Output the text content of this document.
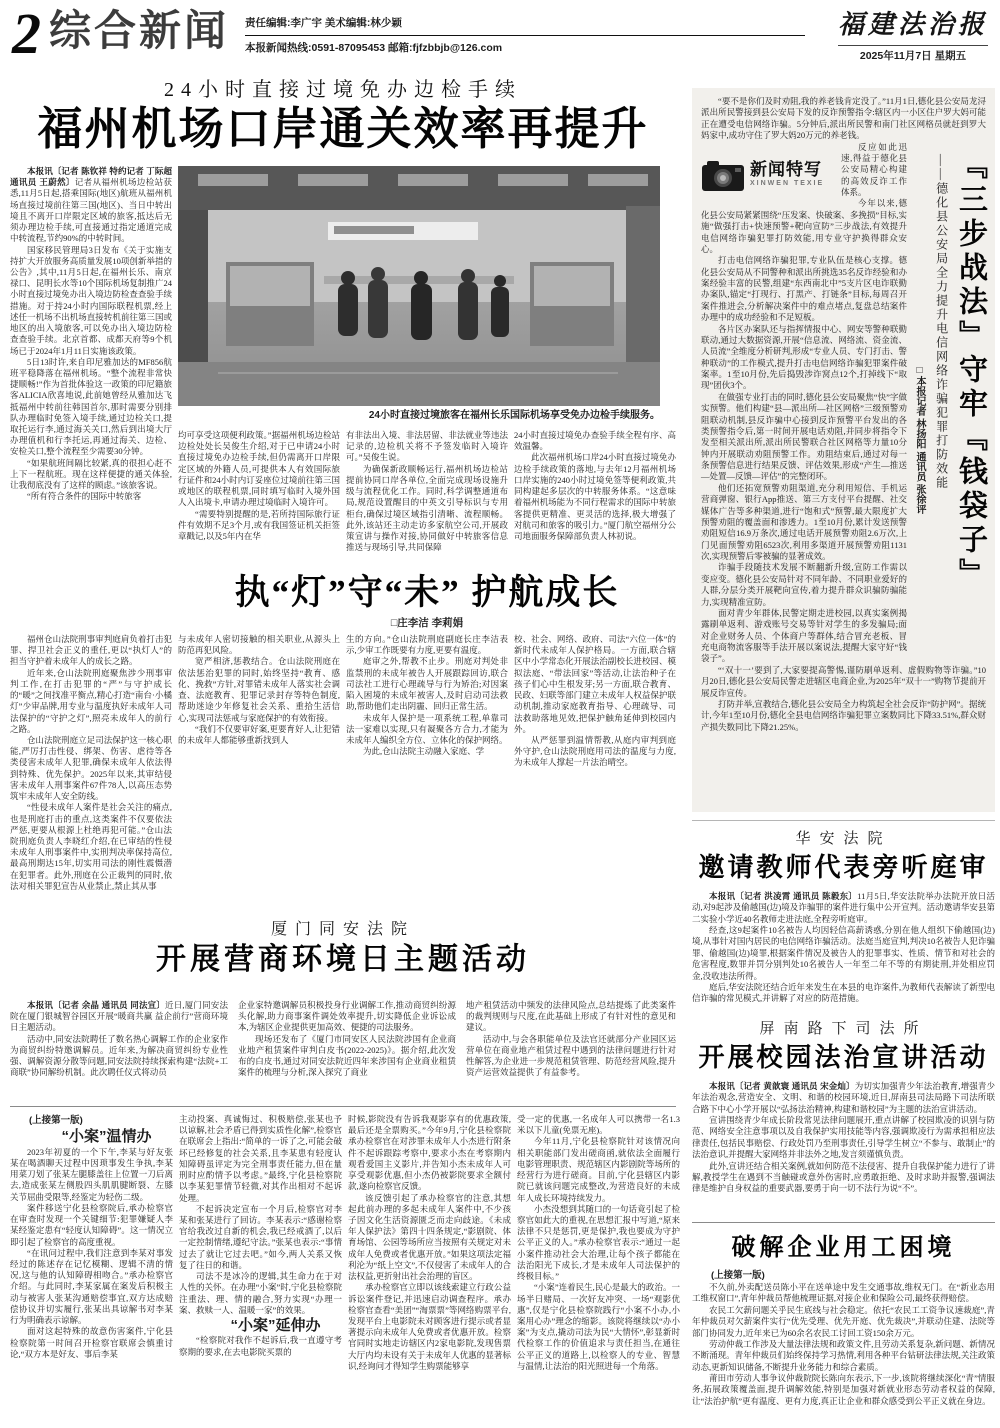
2 综合新闻 责任编辑:李广宇 美术编辑:林少颖
本报新闻热线:0591-87095453 邮箱:fjfzbbjb@126.com
福建法治报
2025年11月7日 星期五
24小时直接过境免办边检手续
福州机场口岸通关效率再提升
24小时直接过境旅客在福州长乐国际机场享受免办边检手续服务。

本报讯〔记者 陈钦祥 特约记者 丁际超 通讯员 王蔚然〕记者从福州机场边检站获悉,11月5日起,搭乘国际(地区)航班从福州机场直接过境前往第三国(地区)、当日中转出境且不离开口岸限定区域的旅客,抵达后无须办理边检手续,可直接通过指定通道完成中转流程,节约90%的中转时间。

国家移民管理局3日发布《关于实施支持扩大开放服务高质量发展10项创新举措的公告》,其中,11月5日起,在福州长乐、南京禄口、昆明长水等10个国际机场复制推广24小时直接过境免办出入境边防检查查验手续措施。对于持24小时内国际联程机票,经上述任一机场不出机场直接转机前往第三国或地区的出入境旅客,可以免办出入境边防检查查验手续。北京首都、成都天府等9个机场已于2024年1月11日实施该政策。

5日13时许,来自印尼雅加达的MF856航班平稳降落在福州机场。“整个流程非常快捷顺畅!”作为首批体验这一政策的印尼籍旅客ALICIA欣喜地说,此前她曾经从雅加达飞抵福州中转前往韩国首尔,那时需要分别排队办理临时免签入境手续,通过边检关口,提取托运行李,通过海关关口,然后到出境大厅办理值机和行李托运,再通过海关、边检、安检关口,整个流程至少需要30分钟。

“如果航班间隔比较紧,真的很担心赶不上下一程航班。现在这样便捷的通关体验,让我彻底没有了这样的顾虑。”该旅客说。

“所有符合条件的国际中转旅客

均可享受这项便利政策。”据福州机场边检站边检处处长吴俊生介绍,对于已申请24小时直接过境免办边检手续,但仍需离开口岸限定区域的外籍人员,可提供本人有效国际旅行证件和24小时内订妥座位过境前往第三国或地区的联程机票,同时填写临时入境外国人入出境卡,申请办理过境临时入境许可。

“需要特别提醒的是,若所持国际旅行证件有效期不足3个月,或有我国签证机关拒签章戳记,以及5年内在华

有非法出入境、非法居留、非法就业等违法记录的,边检机关将不予签发临时入境许可。”吴俊生说。

为确保新政顺畅运行,福州机场边检站提前协同口岸各单位,全面完成现场设施升级与流程优化工作。同时,科学调整通道布局,规范设置醒目的中英文引导标识与专用柜台,确保过境区域指引清晰、流程顺畅。此外,该站还主动走访多家航空公司,开展政策宣讲与操作对接,协同做好中转旅客信息推送与现场引导,共同保障

24小时直接过境免办查验手续全程有序、高效温馨。

此次福州机场口岸24小时直接过境免办边检手续政策的落地,与去年12月福州机场口岸实施的240小时过境免签等便利政策,共同构建起多层次的中转服务体系。“这意味着福州机场能为不同行程需求的国际中转旅客提供更精准、更灵活的选择,极大增强了对航司和旅客的吸引力。”厦门航空福州分公司地面服务保障部负责人林初说。

执“灯”守“未” 护航成长
□庄李洁 李莉娟

福州仓山法院刑事审判庭肩负着打击犯罪、捍卫社会正义的重任,更以“执灯人”的担当守护着未成年人的成长之路。

近年来,仓山法院刑庭聚焦涉少刑事审判工作,在打击犯罪的“严”与守护成长的“暖”之间找准平衡点,精心打造“南台·小橘灯”少审品牌,用专业与温度执好未成年人司法保护的“守护之灯”,照亮未成年人的前行之路。

仓山法院刑庭立足司法保护这一核心职能,严厉打击性侵、绑架、伤害、虐待等各类侵害未成年人犯罪,确保未成年人依法得到特殊、优先保护。2025年以来,其审结侵害未成年人刑事案件67件78人,以高压态势筑牢未成年人安全防线。

“性侵未成年人案件是社会关注的痛点,也是刑庭打击的重点,这类案件不仅要依法严惩,更要从根源上杜绝再犯可能。”仓山法院刑庭负责人李晓红介绍,在已审结的性侵未成年人刑事案件中,实刑判决率保持高位,最高刑期达15年,切实用司法的刚性震慑潜在犯罪者。此外,刑庭在公正裁判的同时,依法对相关罪犯宣告从业禁止,禁止其从事

与未成年人密切接触的相关职业,从源头上防范再犯风险。

宽严相济,惩教结合。仓山法院刑庭在依法惩治犯罪的同时,始终坚持“教育、感化、挽救”方针,对罪错未成年人落实社会调查、法庭教育、犯罪记录封存等特色制度,帮助迷途少年修复社会关系、重拾生活信心,实现司法惩戒与家庭保护的有效衔接。

“我们不仅要审好案,更要育好人,让犯错的未成年人都能够重新找到人

生的方向。”仓山法院刑庭副庭长庄李洁表示,少审工作既要有力度,更要有温度。

庭审之外,帮教不止步。刑庭对判处非监禁刑的未成年被告人开展跟踪回访,联合司法社工进行心理疏导与行为矫治;对因案陷入困境的未成年被害人,及时启动司法救助,帮助他们走出阴霾、回归正常生活。

未成年人保护是一项系统工程,单靠司法一家难以实现,只有凝聚各方合力,才能为未成年人编织全方位、立体化的保护网络。

为此,仓山法院主动融入家庭、学

校、社会、网络、政府、司法“六位一体”的新时代未成年人保护格局。一方面,联合辖区中小学常态化开展法治副校长进校园、模拟法庭、“带法回家”等活动,让法治种子在孩子们心中生根发芽;另一方面,联合教育、民政、妇联等部门建立未成年人权益保护联动机制,推动家庭教育指导、心理疏导、司法救助落地见效,把保护触角延伸到校园内外。

从严惩罪到温情帮教,从庭内审判到庭外守护,仓山法院刑庭用司法的温度与力度,为未成年人撑起一片法治晴空。

厦门同安法院
开展营商环境日主题活动

本报讯〔记者 余晶 通讯员 同法宣〕近日,厦门同安法院在厦门银城智谷园区开展“暖商共赢 益企前行”营商环境日主题活动。

活动中,同安法院聘任了数名热心调解工作的企业家作为商贸纠纷特邀调解员。近年来,为解决商贸纠纷专业性强、调解资源分散等问题,同安法院持续探索构建“法院+工商联”协同解纷机制。此次聘任仪式将动员

企业家特邀调解员积极投身行业调解工作,推动商贸纠纷源头化解,助力商事案件调处效率提升,切实降低企业诉讼成本,为辖区企业提供更加高效、便捷的司法服务。

现场还发布了《厦门市同安区人民法院涉国有企业商业地产租赁案件审判白皮书(2022-2025)》。据介绍,此次发布的白皮书,通过对同安法院近四年来涉国有企业商业租赁案件的梳理与分析,深入探究了商业

地产租赁活动中频发的法律风险点,总结提炼了此类案件的裁判规则与尺度,在此基础上形成了有针对性的意见和建议。

活动中,与会各职能单位及法官还就部分产业园区运营单位在商业地产租赁过程中遇到的法律问题进行针对性解答,为企业进一步规范租赁管理、防范经营风险,提升资产运营效益提供了有益参考。

(上接第一版)

“小案”温情办

2023年初夏的一个下午,李某与好友张某在喝酒聊天过程中因琐事发生争执,李某用菜刀划了张某左腿膝盖往上位置一刀后离去,造成张某左侧股四头肌肌腱断裂、左膝关节屈曲受限等,经鉴定为轻伤二级。

案件移送宁化县检察院后,承办检察官在审查时发现一个关键细节:犯罪嫌疑人李某经鉴定患有“轻度认知障碍”。这一情况立即引起了检察官的高度重视。

“在讯问过程中,我们注意到李某对事发经过的陈述存在记忆模糊、逻辑不清的情况,这与他的认知障碍相吻合。”承办检察官介绍。与此同时,李某家属在案发后积极主动与被害人张某沟通赔偿事宜,双方达成赔偿协议并切实履行,张某出具谅解书对李某行为明确表示谅解。

面对这起特殊的故意伤害案件,宁化县检察院第一时间召开检察官联席会慎重讨论,“双方本是好友、事后李某

主动投案、真诚悔过、积极赔偿,张某也予以谅解,社会矛盾已得到实质性化解”,检察官在联席会上指出:“简单的一诉了之,可能会破坏已经修复的社会关系,且李某患有轻度认知障碍虽评定为完全刑事责任能力,但在量刑时应酌情予以考虑。”最终,宁化县检察院以李某犯罪情节轻微,对其作出相对不起诉处理。

不起诉决定宣布一个月后,检察官对李某和张某进行了回访。李某表示:“感谢检察官给我改过自新的机会,我已经戒酒了,以后一定控制情绪,遵纪守法。”张某也表示:“事情过去了就让它过去吧。”如今,两人关系又恢复了往日的和谐。

司法不是冰冷的逻辑,其生命力在于对人性的关怀。在办理“小案”时,宁化县检察院注重法、理、情的融合,努力实现“办理一案、救赎一人、温暖一家”的效果。

“小案”延伸办

“检察院对我作不起诉后,我一直遵守考察期的要求,在去电影院买票的

时候,影院没有告诉我观影享有的优惠政策,最后还是全票购买。”今年9月,宁化县检察院承办检察官在对涉罪未成年人小杰进行附条件不起诉跟踪考察中,要求小杰在考察期内观看爱国主义影片,并告知小杰未成年人可享受观影优惠,但小杰仍被影院要求全额付款,遂向检察官反馈。

该反馈引起了承办检察官的注意,其想起此前办理的多起未成年人案件中,不少孩子因文化生活资源匮乏而走向歧途。《未成年人保护法》第四十四条规定,“影剧院、体育场馆、公园等场所应当按照有关规定对未成年人免费或者优惠开放。”如果这项法定福利沦为“纸上空文”,不仅侵害了未成年人的合法权益,更折射出社会治理的盲区。

承办检察官立即以该线索建立行政公益诉讼案件登记,并迅速启动调查程序。承办检察官查看“美团”“淘票票”等网络购票平台,发现平台上电影院未对顾客进行提示或者显著提示向未成年人免费或者优惠开放。检察官同时实地走访辖区内2家电影院,发现售票大厅内均未设有关于未成年人优惠的显著标识,经询问才得知学生购票能够享

受一定的优惠,一名成年人可以携带一名1.3米以下儿童(免票无座)。

今年11月,宁化县检察院针对该情况向相关职能部门发出磋商函,就依法全面履行电影管理职责、规范辖区内影剧院等场所的经营行为进行磋商。目前,宁化县辖区内影院已就该问题完成整改,为营造良好的未成年人成长环境持续发力。

小杰没想到其随口的一句话竟引起了检察官如此大的重视,在思想汇报中写道,“原来法律不只是惩罚,更是保护,我也要成为守护公平正义的人。”承办检察官表示:“通过一起小案件推动社会大治理,让每个孩子都能在法治阳光下成长,才是未成年人司法保护的终极目标。”

“小案”连着民生,民心是最大的政治。一场半日赌局、一次好友冲突、一场“观影优惠”,仅是宁化县检察院践行“小案不小办,小案用心办”理念的缩影。该院将继续以“办小案”为支点,撬动司法为民“大情怀”,彰显新时代检察工作的价值追求与责任担当,在通往公平正义的道路上,以检察人的专业、智慧与温情,让法治的阳光照进每一个角落。

『三步战法』守牢『钱袋子』
——德化县公安局全力提升电信网络诈骗犯罪打防效能
□本报记者 林扬阳 通讯员 张徐评
新闻特写
XINWEN TEXIE

“要不是你们及时劝阻,我的养老钱肯定没了。”11月1日,德化县公安局龙浔派出所民警接到县公安局下发的反诈预警指令:辖区内一小区住户罗大妈可能正在遭受电信网络诈骗。5分钟后,派出所民警和南门社区网格员就赶到罗大妈家中,成功守住了罗大妈20万元的养老钱。

反应如此迅速,得益于德化县公安局精心构建的高效反诈工作体系。

今年以来,德化县公安局紧紧围绕“压发案、快破案、多挽损”目标,实施“做强打击+快速预警+靶向宣防”三步战法,有效提升电信网络诈骗犯罪打防效能,用专业守护换得群众安心。

打击电信网络诈骗犯罪,专业队伍是核心支撑。德化县公安局从不同警种和派出所挑选35名反诈经验和办案经验丰富的民警,组建“东西南北中”5支片区电诈联勤办案队,锚定“打现行、打黑产、打链条”目标,每周召开案件推进会,分析解决案件中的难点堵点,复盘总结案件办理中的成功经验和不足短板。

各片区办案队还与指挥情报中心、网安等警种联勤联动,通过大数据资源,开展“信息流、网络流、资金流、人员流”全维度分析研判,形成“专业人员、专门打击、警种联动”的工作模式,提升打击电信网络诈骗犯罪案件破案率。1至10月份,先后捣毁涉诈窝点12个,打掉线下“取现”团伙3个。

在做强专业打击的同时,德化县公安局聚焦“快”字做实预警。他们构建“县—派出所—社区网格”三级预警劝阻联动机制,县反诈骗中心接到反诈预警平台发出的各类预警指令后,第一时间开展电话劝阻,并同步将指令下发至相关派出所,派出所民警联合社区网格等力量10分钟内开展联动劝阻预警工作。劝阻结束后,通过对每一条预警信息进行结果反馈、评估效果,形成“产生—推送—处置—反馈—评估”的完整闭环。

他们还拓宽预警劝阻渠道,充分利用短信、手机运营商弹窗、银行App推送、第三方支付平台提醒、社交媒体广告等多种渠道,进行“饱和式”预警,最大限度扩大预警劝阻的覆盖面和渗透力。1至10月份,累计发送预警劝阻短信16.9万条次,通过电话开展预警劝阻2.6万次,上门见面预警劝阻6523次,利用多渠道开展预警劝阻1131次,实现预警后零被骗的显著成效。

诈骗手段随技术发展不断翻新升级,宣防工作需以变应变。德化县公安局针对不同年龄、不同职业爱好的人群,分层分类开展靶向宣传,着力提升群众识骗防骗能力,实现精准宣防。

面对青少年群体,民警定期走进校园,以真实案例揭露刷单返利、游戏账号交易等针对学生的多发骗局;面对企业财务人员、个体商户等群体,结合冒充老板、冒充电商物流客服等手法开展以案说法,提醒大家守好“钱袋子”。

“‘双十一’要到了,大家要提高警惕,谨防刷单返利、虚假购物等诈骗。”10月20日,德化县公安局民警走进辖区电商企业,为2025年“双十一”购物节提前开展反诈宣传。

打防并举,宣教结合,德化县公安局全力构筑起全社会反诈“防护网”。据统计,今年1至10月份,德化全县电信网络诈骗犯罪立案数同比下降33.51%,群众财产损失数同比下降21.25%。

华安法院
邀请教师代表旁听庭审

本报讯〔记者 洪凌霄 通讯员 陈毅东〕11月5日,华安法院举办法院开放日活动,对9起涉及偷越国(边)境及诈骗罪的案件进行集中公开宣判。活动邀请华安县第二实验小学近40名教师走进法庭,全程旁听庭审。

经查,这9起案件10名被告人均因轻信高薪诱惑,分别在他人组织下偷越国(边)境,从事针对国内居民的电信网络诈骗活动。法庭当庭宣判,判决10名被告人犯诈骗罪、偷越国(边)境罪,根据案件情况及被告人的犯罪事实、性质、情节和对社会的危害程度,数罪并罚分别判处10名被告人一年至二年不等的有期徒刑,并处相应罚金,没收违法所得。

庭后,华安法院还结合近年来发生在本县的电诈案件,为教师代表解读了新型电信诈骗的常见模式,并讲解了对应的防范措施。

屏南路下司法所
开展校园法治宣讲活动

本报讯〔记者 黄歆寰 通讯员 宋金灿〕为切实加强青少年法治教育,增强青少年法治观念,营造安全、文明、和谐的校园环境,近日,屏南县司法局路下司法所联合路下中心小学开展以“弘扬法治精神,构建和谐校园”为主题的法治宣讲活动。

宣讲围绕青少年成长阶段常见法律问题展开,重点讲解了校园欺凌的识别与防范、网络安全注意事项以及自我保护实用技能等内容,强调欺凌行为需承担相应法律责任,包括民事赔偿、行政处罚乃至刑事责任,引导学生树立“不参与、敢制止”的法治意识,并提醒大家网络并非法外之地,发言须谨慎负责。

此外,宣讲还结合相关案例,就如何防范不法侵害、提升自我保护能力进行了讲解,教授学生在遇到不当触碰或意外伤害时,应勇敢拒绝、及时求助并报警,强调法律是维护自身权益的重要武器,要勇于向一切不法行为说“不”。

破解企业用工困境

(上接第一版)

不久前,外卖配送员陈小平在送单途中发生交通事故,维权无门。在“新业态用工维权窗口”,青年仲裁员帮他梳理证据,对接企业和保险公司,最终获得赔偿。

农民工欠薪问题关乎民生底线与社会稳定。依托“农民工工资争议速裁庭”,青年仲裁员对欠薪案件实行“优先受理、优先开庭、优先裁决”,并联动住建、法院等部门协同发力,近年来已为60余名农民工讨回工资150余万元。

劳动仲裁工作涉及大量法律法规和政策文件,且劳动关系复杂,新问题、新情况不断涌现。青年仲裁员们始终保持学习热情,利用各种平台钻研法律法规,关注政策动态,更新知识储备,不断提升业务能力和综合素质。

莆田市劳动人事争议仲裁院院长陈向东表示,下一步,该院将继续深化“青”情服务,拓展政策覆盖面,提升调解效能,特别是加强对新就业形态劳动者权益的保障,让“法治护航”更有温度、更有力度,真正让企业和群众感受到公平正义就在身边。
